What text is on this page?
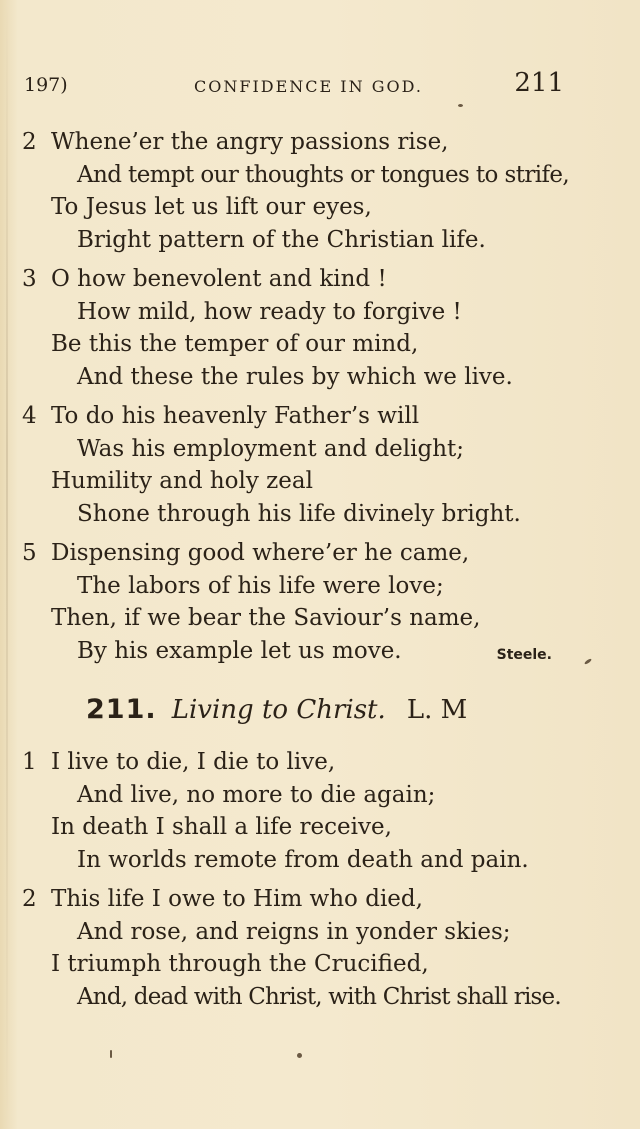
197)	CONFIDENCE IN GOD.	211
2 Whene’er the angry passions rise,
And tempt our thoughts or tongues to strife,
To Jesus let us lift our eyes,
Bright pattern of the Christian life.
3 O how benevolent and kind !
How mild, how ready to forgive !
Be this the temper of our mind,
And these the rules by which we live.
4 To do his heavenly Father’s will
Was his employment and delight;
Humility and holy zeal
Shone through his life divinely bright.
5 Dispensing good where’er he came,
The labors of his life were love;
Then, if we bear the Saviour’s name,
By his example let us move.	Steele.
211. Living to Christ. L. M
1 I live to die, I die to live,
And live, no more to die again;
In death I shall a life receive,
In worlds remote from death and pain.
2 This life I owe to Him who died,
And rose, and reigns in yonder skies;
I triumph through the Crucified,
And, dead with Christ, with Christ shall rise.
